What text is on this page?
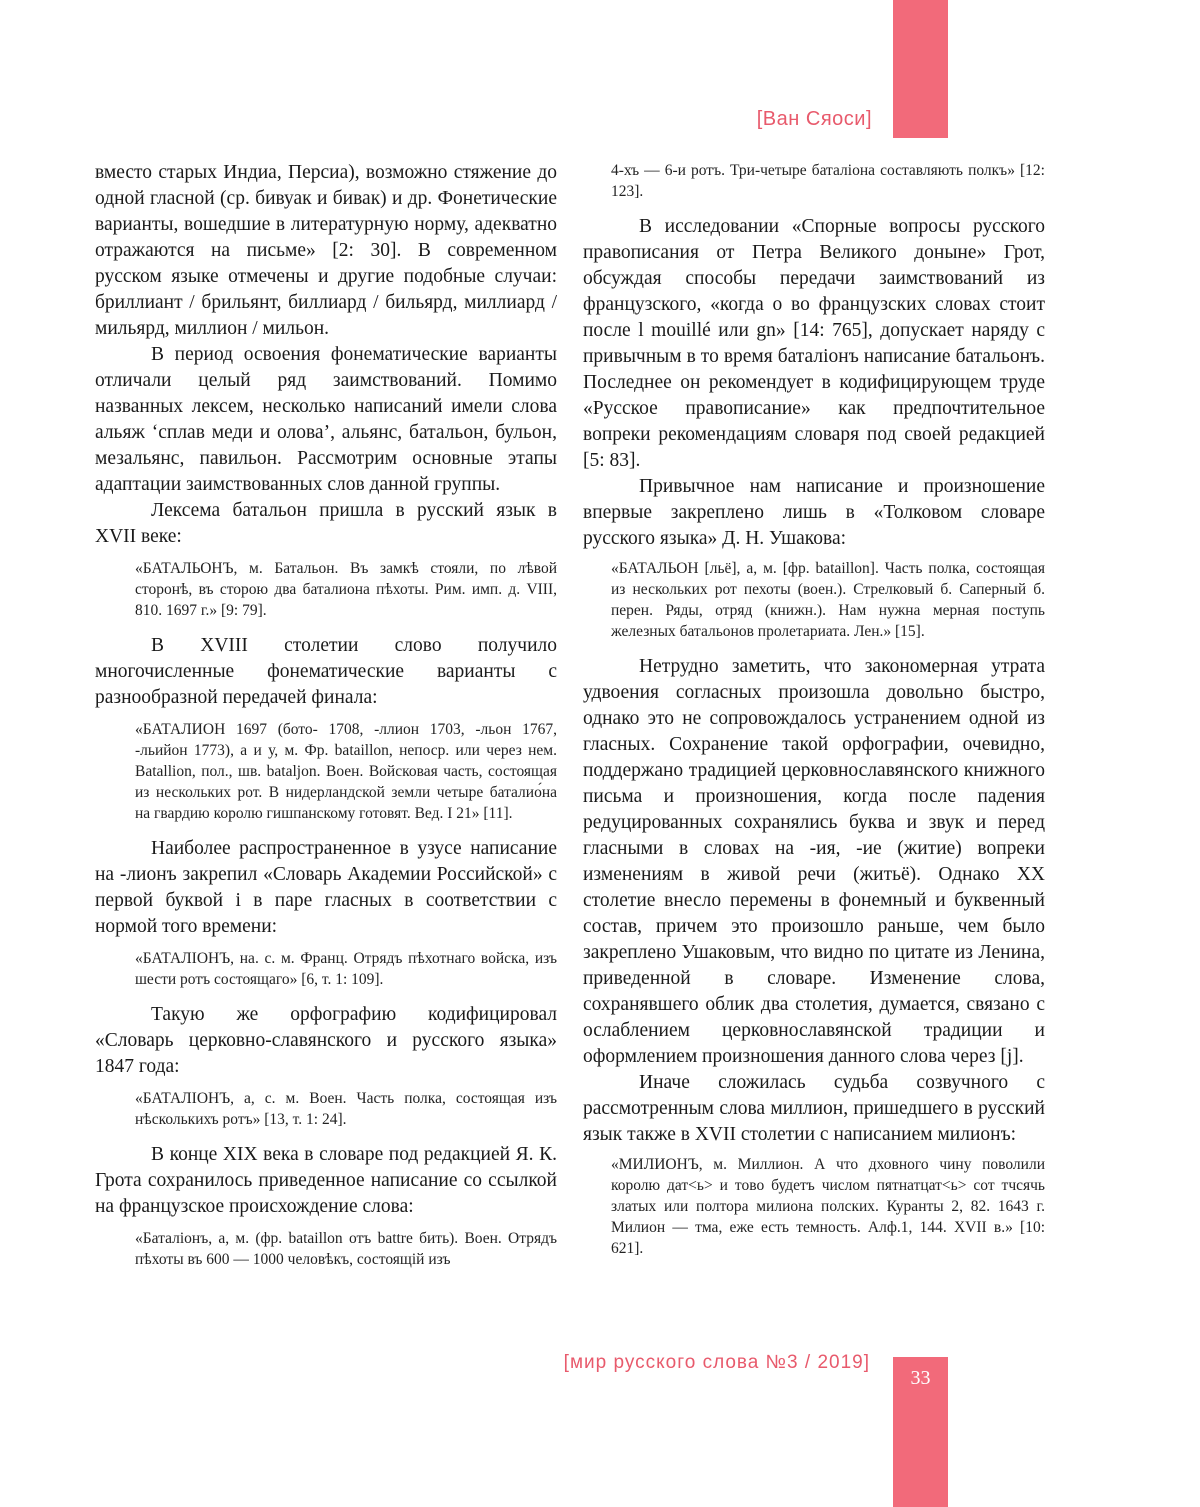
[Ван Сяоси]

вместо старых Индиа, Персиа), возможно стяжение до одной гласной (ср. бивуак и бивак) и др. Фонетические варианты, вошедшие в литературную норму, адекватно отражаются на письме» [2: 30]. В современном русском языке отмечены и другие подобные случаи: бриллиант / брильянт, биллиард / бильярд, миллиард / мильярд, миллион / мильон.

В период освоения фонематические варианты отличали целый ряд заимствований. Помимо названных лексем, несколько написаний имели слова альяж ‘сплав меди и олова’, альянс, батальон, бульон, мезальянс, павильон. Рассмотрим основные этапы адаптации заимствованных слов данной группы.

Лексема батальон пришла в русский язык в XVII веке:

«БАТАЛЬОНЪ, м. Батальон. Въ замкѣ стояли, по лѣвой сторонѣ, въ сторою два баталиона пѣхоты. Рим. имп. д. VIII, 810. 1697 г.» [9: 79].

В XVIII столетии слово получило многочисленные фонематические варианты с разнообразной передачей финала:

«БАТАЛИОН 1697 (бото- 1708, -ллион 1703, -льон 1767, -льийон 1773), а и у, м. Фр. bataillon, непоср. или через нем. Batallion, пол., шв. bataljon. Воен. Войсковая часть, состоящая из нескольких рот. В нидерландской земли четыре баталио́на на гвардию королю гишпанскому готовят. Вед. I 21» [11].

Наиболее распространенное в узусе написание на -лионъ закрепил «Словарь Академии Российской» с первой буквой і в паре гласных в соответствии с нормой того времени:

«БАТАЛІОНЪ, на. с. м. Франц. Отрядъ пѣхотнаго войска, изъ шести ротъ состоящаго» [6, т. 1: 109].

Такую же орфографию кодифицировал «Словарь церковно-славянского и русского языка» 1847 года:

«БАТАЛІОНЪ, а, с. м. Воен. Часть полка, состоящая изъ нѣсколькихъ ротъ» [13, т. 1: 24].

В конце XIX века в словаре под редакцией Я. К. Грота сохранилось приведенное написание со ссылкой на французское происхождение слова:

«Баталіонъ, а, м. (фр. bataillon отъ battre бить). Воен. Отрядъ пѣхоты въ 600 — 1000 человѣкъ, состоящій изъ

4-хъ — 6-и ротъ. Три-четыре баталіона составляють полкъ» [12: 123].

В исследовании «Спорные вопросы русского правописания от Петра Великого доныне» Грот, обсуждая способы передачи заимствований из французского, «когда о во французских словах стоит после l mouillé или gn» [14: 765], допускает наряду с привычным в то время баталіонъ написание батальонъ. Последнее он рекомендует в кодифицирующем труде «Русское правописание» как предпочтительное вопреки рекомендациям словаря под своей редакцией [5: 83].

Привычное нам написание и произношение впервые закреплено лишь в «Толковом словаре русского языка» Д. Н. Ушакова:

«БАТАЛЬОН [льё], а, м. [фр. bataillon]. Часть полка, состоящая из нескольких рот пехоты (воен.). Стрелковый б. Саперный б. перен. Ряды, отряд (книжн.). Нам нужна мерная поступь железных батальонов пролетариата. Лен.» [15].

Нетрудно заметить, что закономерная утрата удвоения согласных произошла довольно быстро, однако это не сопровождалось устранением одной из гласных. Сохранение такой орфографии, очевидно, поддержано традицией церковнославянского книжного письма и произношения, когда после падения редуцированных сохранялись буква и звук и перед гласными в словах на -ия, -ие (житие) вопреки изменениям в живой речи (житьё). Однако XX столетие внесло перемены в фонемный и буквенный состав, причем это произошло раньше, чем было закреплено Ушаковым, что видно по цитате из Ленина, приведенной в словаре. Изменение слова, сохранявшего облик два столетия, думается, связано с ослаблением церковнославянской традиции и оформлением произношения данного слова через [j].

Иначе сложилась судьба созвучного с рассмотренным слова миллион, пришедшего в русский язык также в XVII столетии с написанием милионъ:

«МИЛИОНЪ, м. Миллион. А что дховного чину поволили королю дат<ь> и тово будетъ числом пятнатцат<ь> сот тчсячь златых или полтора милиона полских. Куранты 2, 82. 1643 г. Милион — тма, еже есть темность. Алф.1, 144. XVII в.» [10: 621].

[мир русского слова №3 / 2019]
33
